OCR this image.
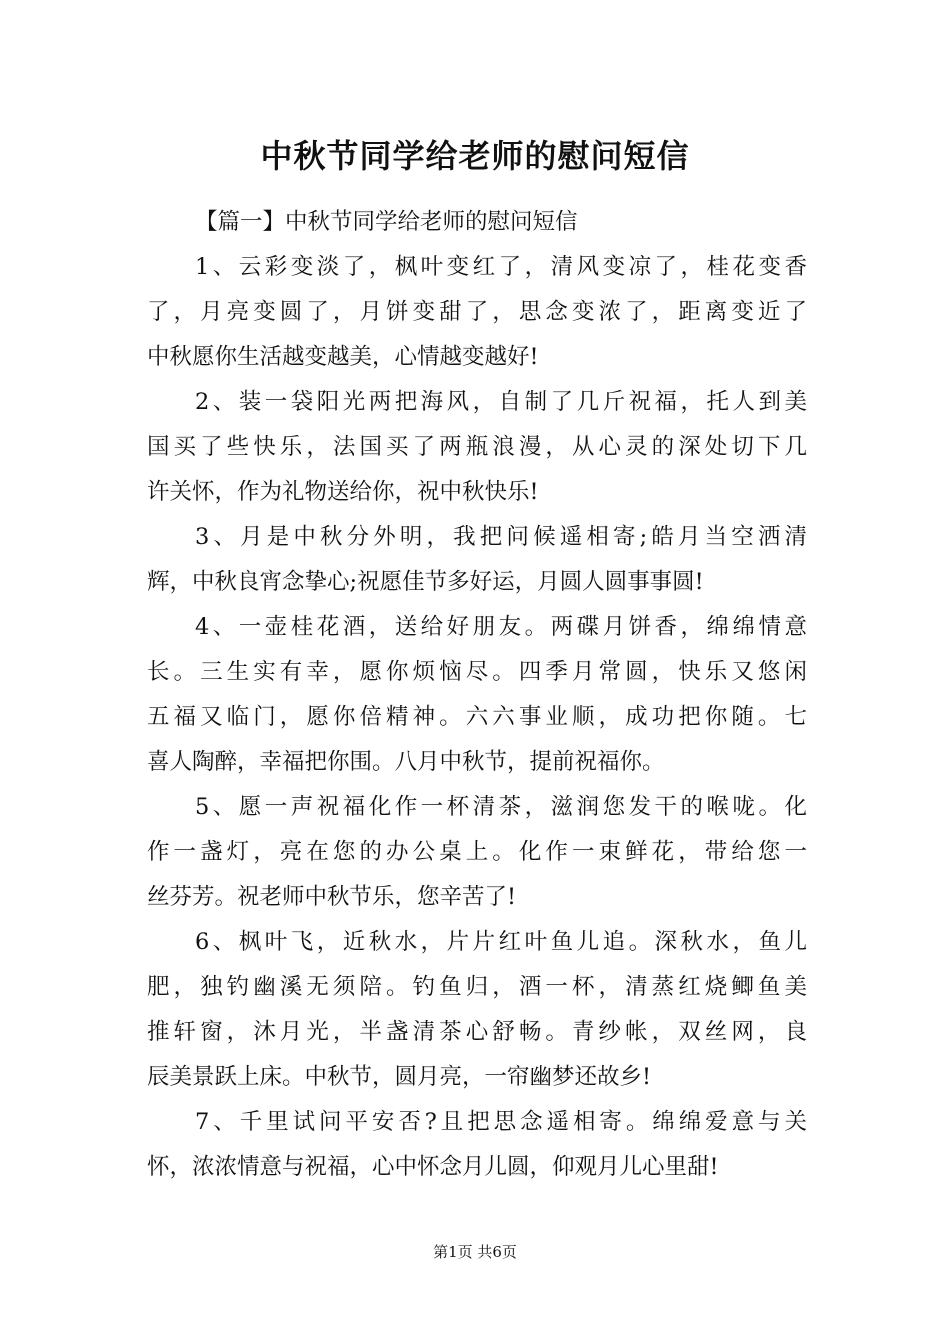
中秋节同学给老师的慰问短信
【篇一】中秋节同学给老师的慰问短信
1、云彩变淡了，枫叶变红了，清风变凉了，桂花变香
了，月亮变圆了，月饼变甜了，思念变浓了，距离变近了
中秋愿你生活越变越美，心情越变越好!
2、装一袋阳光两把海风，自制了几斤祝福，托人到美
国买了些快乐，法国买了两瓶浪漫，从心灵的深处切下几
许关怀，作为礼物送给你，祝中秋快乐!
3、月是中秋分外明，我把问候遥相寄;皓月当空洒清
辉，中秋良宵念挚心;祝愿佳节多好运，月圆人圆事事圆!
4、一壶桂花酒，送给好朋友。两碟月饼香，绵绵情意
长。三生实有幸，愿你烦恼尽。四季月常圆，快乐又悠闲
五福又临门，愿你倍精神。六六事业顺，成功把你随。七
喜人陶醉，幸福把你围。八月中秋节，提前祝福你。
5、愿一声祝福化作一杯清茶，滋润您发干的喉咙。化
作一盏灯，亮在您的办公桌上。化作一束鲜花，带给您一
丝芬芳。祝老师中秋节乐，您辛苦了!
6、枫叶飞，近秋水，片片红叶鱼儿追。深秋水，鱼儿
肥，独钓幽溪无须陪。钓鱼归，酒一杯，清蒸红烧鲫鱼美
推轩窗，沐月光，半盏清茶心舒畅。青纱帐，双丝网，良
辰美景跃上床。中秋节，圆月亮，一帘幽梦还故乡!
7、千里试问平安否?且把思念遥相寄。绵绵爱意与关
怀，浓浓情意与祝福，心中怀念月儿圆，仰观月儿心里甜!
第1页 共6页
